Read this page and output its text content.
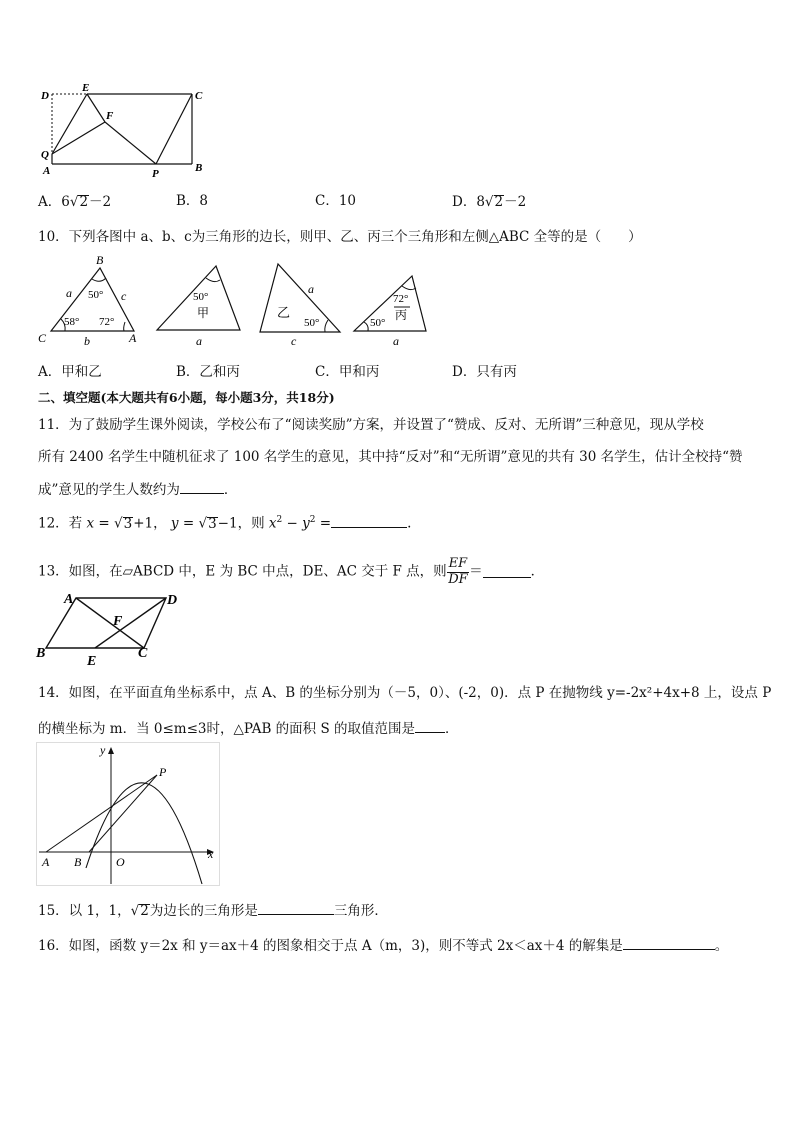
D
E
C
F
Q
A	P	B
A．6√2－2	B．8	C．10	D．8√2－2
10．下列各图中 a、b、c为三角形的边长，则甲、乙、丙三个三角形和左侧△ABC 全等的是（　　）
B
a 50° c
C
58° 72°
A
b
50°
甲
a
乙
a
50°
c
72°
丙
50°
a
A．甲和乙	B．乙和丙	C．甲和丙	D．只有丙
二、填空题(本大题共有6小题，每小题3分，共18分)
11．为了鼓励学生课外阅读，学校公布了“阅读奖励”方案，并设置了“赞成、反对、无所谓”三种意见，现从学校
所有 2400 名学生中随机征求了 100 名学生的意见，其中持“反对”和“无所谓”意见的共有 30 名学生，估计全校持“赞
成”意见的学生人数约为	．
12．若 x = √3+1， y = √3−1，则 $x^2 - y^2$ =	.
13．如图，在▱ABCD 中，E 为 BC 中点，DE、AC 交于 F 点，则 $\frac{EF}{DF}$ ＝	．
A	D
F
B
E
C
14．如图，在平面直角坐标系中，点 A、B 的坐标分别为（－5，0）、(-2，0)．点 P 在抛物线 y=-2x²+4x+8 上，设点 P
的横坐标为 m．当 0≤m≤3时，△PAB 的面积 S 的取值范围是 ．
y
P
x
A B	O
15．以 1，1，√2为边长的三角形是	三角形．
16．如图，函数 y＝2x 和 y＝ax＋4 的图象相交于点 A（m，3)，则不等式 2x＜ax＋4 的解集是	。
